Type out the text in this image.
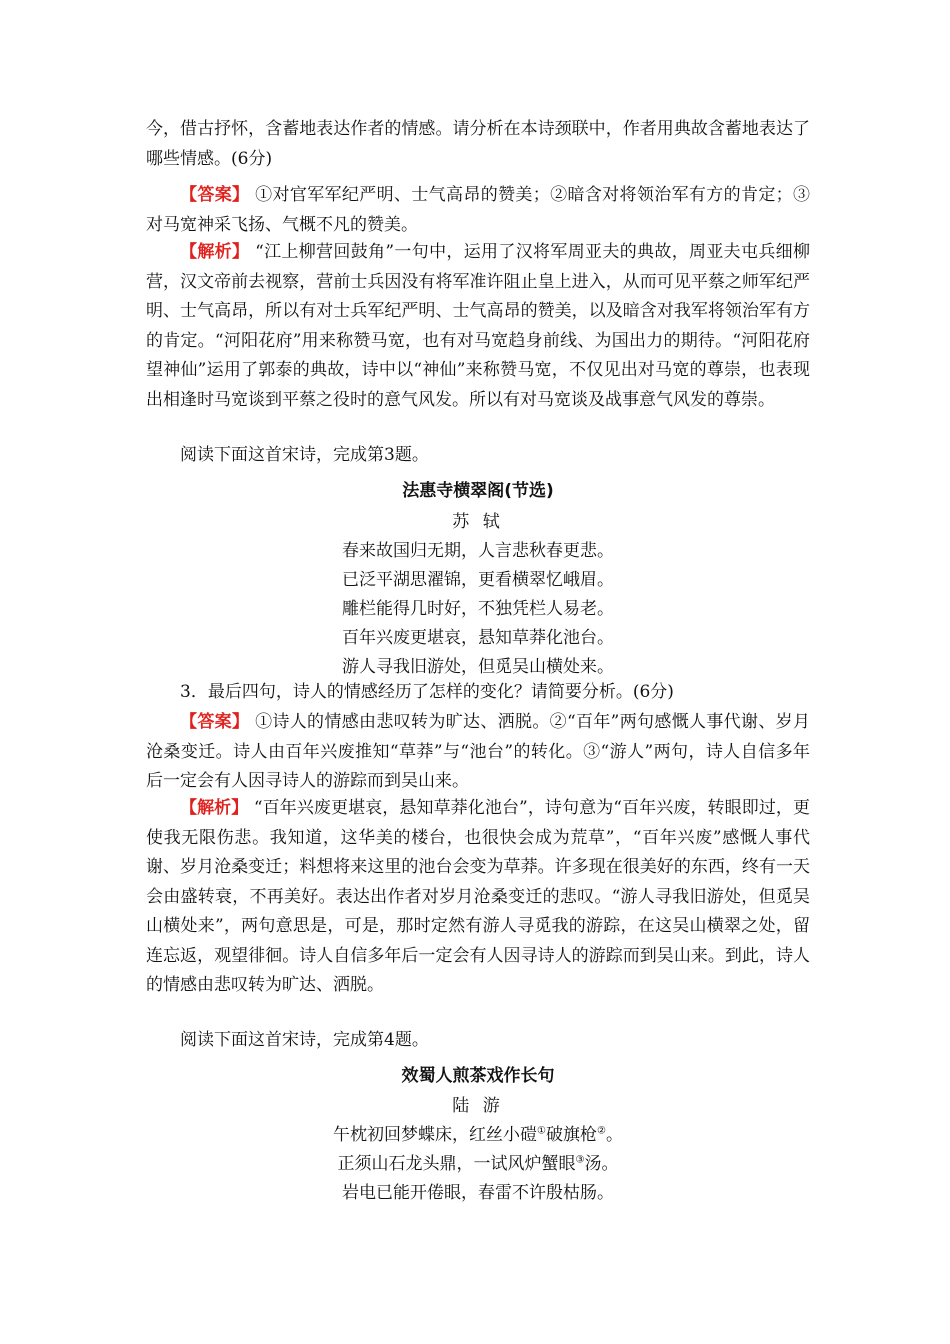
今，借古抒怀，含蓄地表达作者的情感。请分析在本诗颈联中，作者用典故含蓄地表达了哪些情感。(6分)

【答案】 ①对官军军纪严明、士气高昂的赞美；②暗含对将领治军有方的肯定；③对马宽神采飞扬、气概不凡的赞美。

【解析】 “江上柳营回鼓角”一句中，运用了汉将军周亚夫的典故，周亚夫屯兵细柳营，汉文帝前去视察，营前士兵因没有将军准许阻止皇上进入，从而可见平蔡之师军纪严明、士气高昂，所以有对士兵军纪严明、士气高昂的赞美，以及暗含对我军将领治军有方的肯定。“河阳花府”用来称赞马宽，也有对马宽趋身前线、为国出力的期待。“河阳花府望神仙”运用了郭泰的典故，诗中以“神仙”来称赞马宽，不仅见出对马宽的尊崇，也表现出相逢时马宽谈到平蔡之役时的意气风发。所以有对马宽谈及战事意气风发的尊崇。

阅读下面这首宋诗，完成第3题。

法惠寺横翠阁(节选)

苏 轼

春来故国归无期，人言悲秋春更悲。

已泛平湖思濯锦，更看横翠忆峨眉。

雕栏能得几时好，不独凭栏人易老。

百年兴废更堪哀，悬知草莽化池台。

游人寻我旧游处，但觅吴山横处来。

3．最后四句，诗人的情感经历了怎样的变化？请简要分析。(6分)

【答案】 ①诗人的情感由悲叹转为旷达、洒脱。②“百年”两句感慨人事代谢、岁月沧桑变迁。诗人由百年兴废推知“草莽”与“池台”的转化。③“游人”两句，诗人自信多年后一定会有人因寻诗人的游踪而到吴山来。

【解析】 “百年兴废更堪哀，悬知草莽化池台”，诗句意为“百年兴废，转眼即过，更使我无限伤悲。我知道，这华美的楼台，也很快会成为荒草”，“百年兴废”感慨人事代谢、岁月沧桑变迁；料想将来这里的池台会变为草莽。许多现在很美好的东西，终有一天会由盛转衰，不再美好。表达出作者对岁月沧桑变迁的悲叹。“游人寻我旧游处，但觅吴山横处来”，两句意思是，可是，那时定然有游人寻觅我的游踪，在这吴山横翠之处，留连忘返，观望徘徊。诗人自信多年后一定会有人因寻诗人的游踪而到吴山来。到此，诗人的情感由悲叹转为旷达、洒脱。

阅读下面这首宋诗，完成第4题。

效蜀人煎茶戏作长句

陆 游

午枕初回梦蝶床，红丝小磑①破旗枪②。

正须山石龙头鼎，一试风炉蟹眼③汤。

岩电已能开倦眼，春雷不许殷枯肠。
